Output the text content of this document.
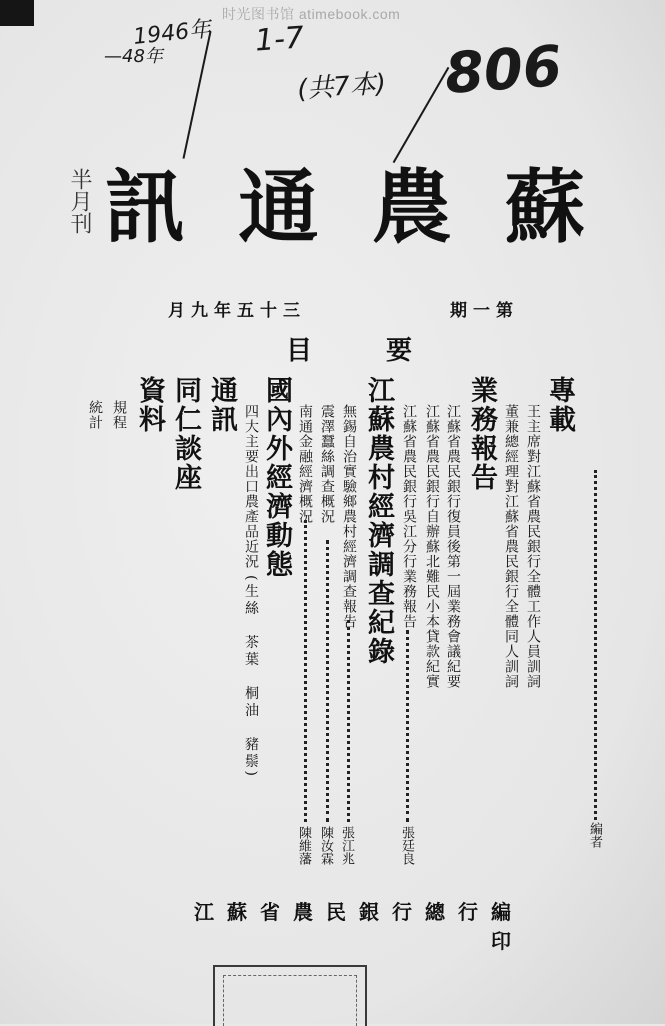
时光图书馆 atimebook.com
1946年
—48年	1-7
(共7本) 806
半月刊 訊 通 農 蘇
三十五年九月	第一期
要目
專載
王主席對江蘇省農民銀行全體工作人員訓詞
董兼總經理對江蘇省農民銀行全體同人訓詞
編者
業務報告
江蘇省農民銀行復員後第一屆業務會議紀要
江蘇省農民銀行自辦蘇北難民小本貸款紀實
江蘇省農民銀行吳江分行業務報告
張廷良
江蘇農村經濟調查紀錄
無錫自治實驗鄉農村經濟調查報告
震澤蠶絲調查概況
南通金融經濟概況
張江兆
陳汝霖
陳維藩
國內外經濟動態
四大主要出口農產品近況
(生絲　茶葉　桐油　豬鬃)
通訊
同仁談座
資料
規程
統計
江蘇省農民銀行總行編印
